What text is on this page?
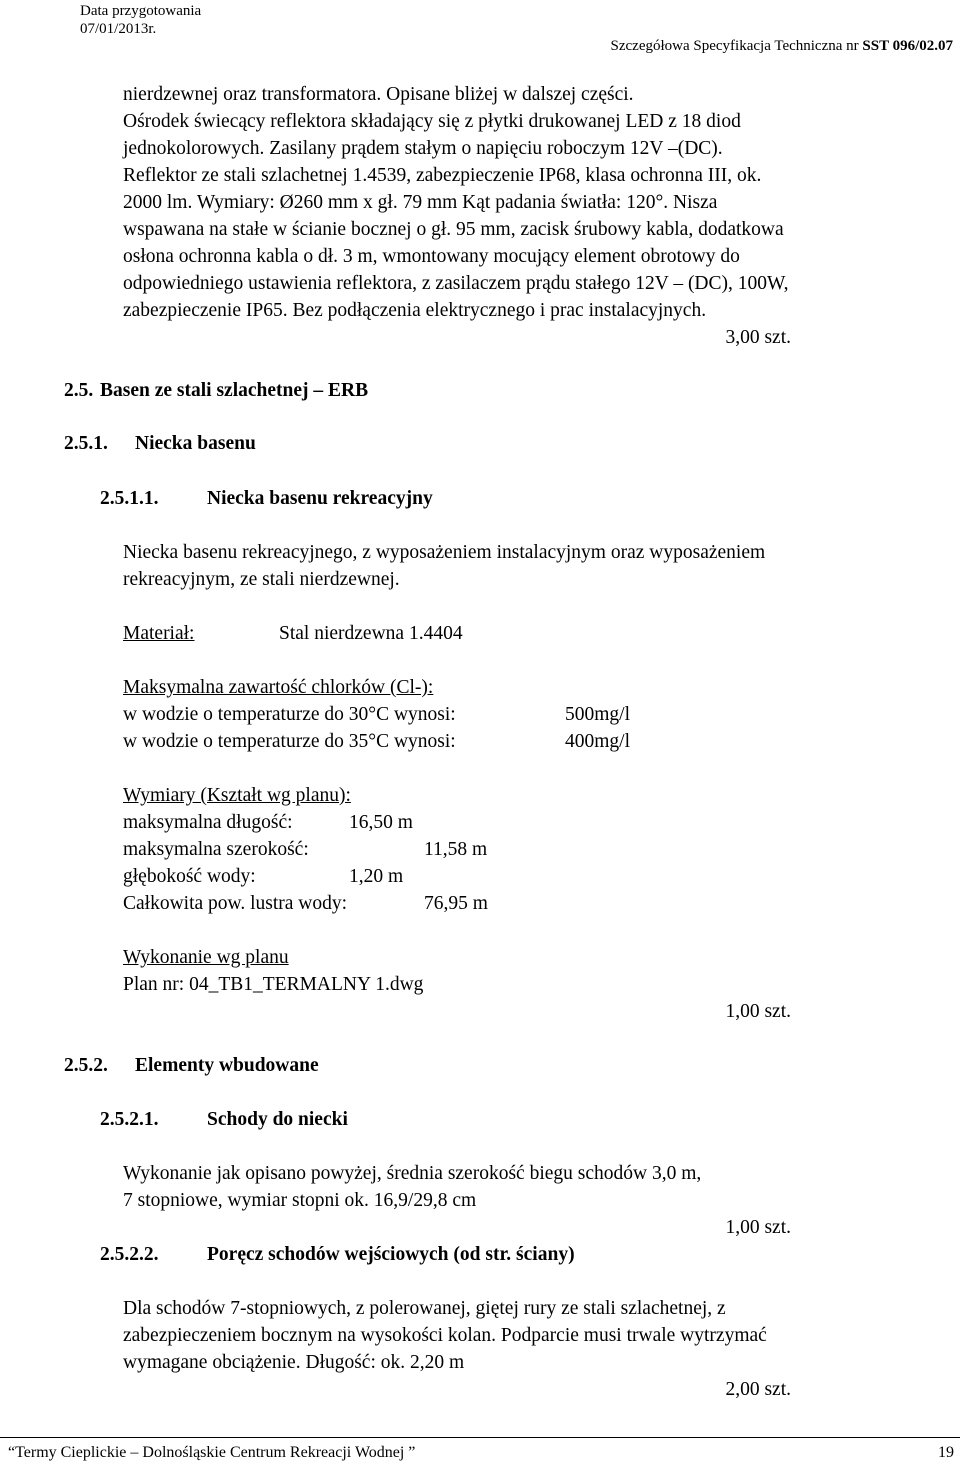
Data przygotowania
07/01/2013r.
Szczegółowa Specyfikacja Techniczna nr SST 096/02.07
nierdzewnej oraz transformatora. Opisane bliżej w dalszej części.
Ośrodek świecący reflektora składający się z płytki drukowanej LED z 18 diod
jednokolorowych. Zasilany prądem stałym o napięciu roboczym 12V –(DC).
Reflektor ze stali szlachetnej 1.4539, zabezpieczenie IP68, klasa ochronna III, ok.
2000 lm. Wymiary: Ø260 mm x gł. 79 mm Kąt padania światła: 120°. Nisza
wspawana na stałe w ścianie bocznej o gł. 95 mm, zacisk śrubowy kabla, dodatkowa
osłona ochronna kabla o dł. 3 m, wmontowany mocujący element obrotowy do
odpowiedniego ustawienia reflektora, z zasilaczem prądu stałego 12V – (DC), 100W,
zabezpieczenie IP65. Bez podłączenia elektrycznego i prac instalacyjnych.
3,00 szt.
2.5. Basen ze stali szlachetnej – ERB
2.5.1. Niecka basenu
2.5.1.1. Niecka basenu rekreacyjny
Niecka basenu rekreacyjnego, z wyposażeniem instalacyjnym oraz wyposażeniem
rekreacyjnym, ze stali nierdzewnej.
Materiał:	Stal nierdzewna 1.4404
Maksymalna zawartość chlorków (Cl-):
w wodzie o temperaturze do 30°C wynosi:	500mg/l
w wodzie o temperaturze do 35°C wynosi:	400mg/l
Wymiary (Kształt wg planu):
maksymalna długość:	16,50 m
maksymalna szerokość:	11,58 m
głębokość wody:	1,20 m
Całkowita pow. lustra wody:	76,95 m
Wykonanie wg planu
Plan nr: 04_TB1_TERMALNY 1.dwg
1,00 szt.
2.5.2. Elementy wbudowane
2.5.2.1. Schody do niecki
Wykonanie jak opisano powyżej, średnia szerokość biegu schodów 3,0 m,
7 stopniowe, wymiar stopni ok. 16,9/29,8 cm
1,00 szt.
2.5.2.2. Poręcz schodów wejściowych (od str. ściany)
Dla schodów 7-stopniowych, z polerowanej, giętej rury ze stali szlachetnej, z
zabezpieczeniem bocznym na wysokości kolan. Podparcie musi trwale wytrzymać
wymagane obciążenie. Długość: ok. 2,20 m
2,00 szt.
“Termy Cieplickie – Dolnośląskie Centrum Rekreacji Wodnej ”	19
